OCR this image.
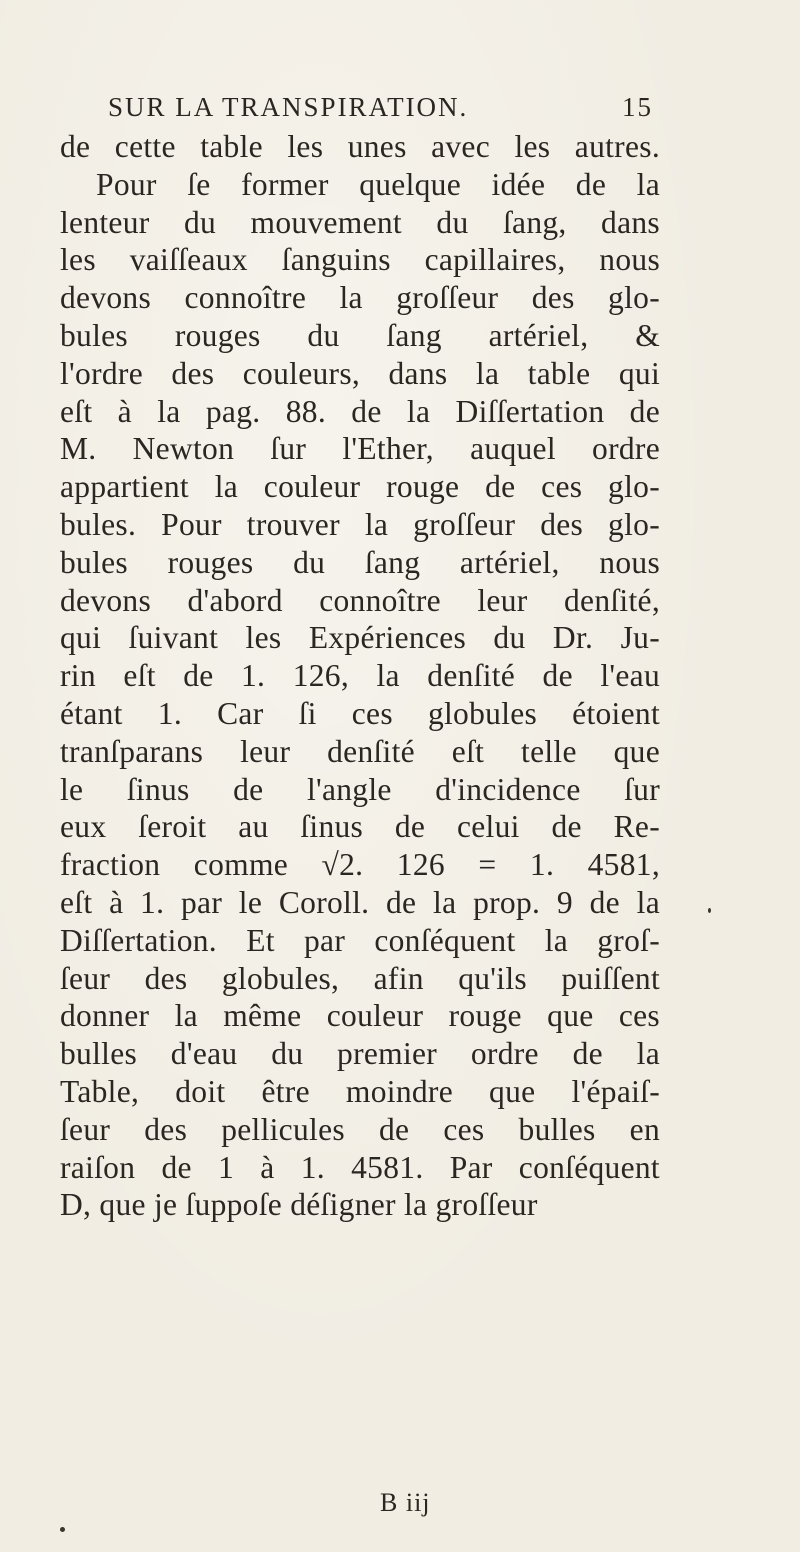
SUR LA TRANSPIRATION.	15
de cette table les unes avec les autres.
Pour ſe former quelque idée de la
lenteur du mouvement du ſang, dans
les vaiſſeaux ſanguins capillaires, nous
devons connoître la groſſeur des glo-
bules rouges du ſang artériel, &
l'ordre des couleurs, dans la table qui
eſt à la pag. 88. de la Diſſertation de
M. Newton ſur l'Ether, auquel ordre
appartient la couleur rouge de ces glo-
bules. Pour trouver la groſſeur des glo-
bules rouges du ſang artériel, nous
devons d'abord connoître leur denſité,
qui ſuivant les Expériences du Dr. Ju-
rin eſt de 1. 126, la denſité de l'eau
étant 1. Car ſi ces globules étoient
tranſparans leur denſité eſt telle que
le ſinus de l'angle d'incidence ſur
eux ſeroit au ſinus de celui de Re-
fraction comme √2. 126 = 1. 4581,
eſt à 1. par le Coroll. de la prop. 9 de la
Diſſertation. Et par conſéquent la groſ-
ſeur des globules, afin qu'ils puiſſent
donner la même couleur rouge que ces
bulles d'eau du premier ordre de la
Table, doit être moindre que l'épaiſ-
ſeur des pellicules de ces bulles en
raiſon de 1 à 1. 4581. Par conſéquent
D, que je ſuppoſe déſigner la groſſeur
B iij
